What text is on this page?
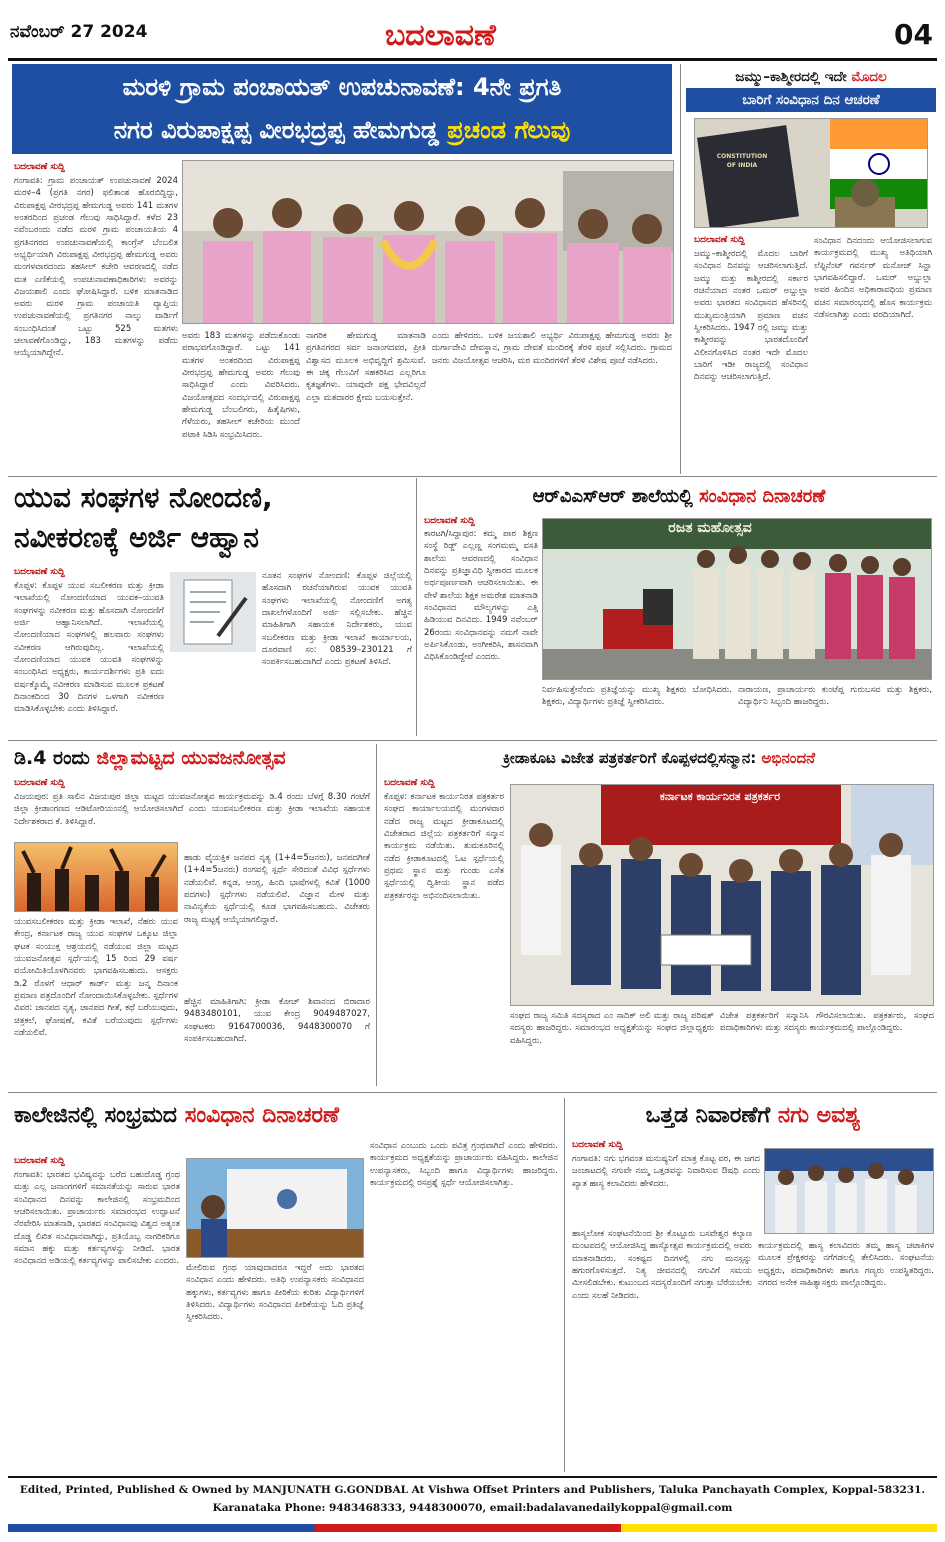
ನವೆಂಬರ್ 27 2024	ಬದಲಾವಣೆ	04
ಮರಳಿ ಗ್ರಾಮ ಪಂಚಾಯತ್ ಉಪಚುನಾವಣೆ: 4ನೇ ಪ್ರಗತಿ
ನಗರ ವಿರುಪಾಕ್ಷಪ್ಪ ವೀರಭದ್ರಪ್ಪ ಹೇಮಗುಡ್ಡ ಪ್ರಚಂಡ ಗೆಲುವು
ಬದಲಾವಣೆ ಸುದ್ದಿ
ಗಂಗಾವತಿ: ಗ್ರಾಮ ಪಂಚಾಯತ್ ಉಪಚುನಾವಣೆ 2024 ಮರಳಿ–4 (ಪ್ರಗತಿ ನಗರ) ಫಲಿತಾಂಶ ಹೊರಬಿದ್ದಿದ್ದು, ವಿರುಪಾಕ್ಷಪ್ಪ ವೀರಭದ್ರಪ್ಪ ಹೇಮಗುಡ್ಡ ಅವರು 141 ಮತಗಳ ಅಂತರದಿಂದ ಪ್ರಚಂಡ ಗೆಲುವು ಸಾಧಿಸಿದ್ದಾರೆ. ಕಳೆದ 23 ನವೆಂಬರಂದು ನಡೆದ ಮರಳಿ ಗ್ರಾಮ ಪಂಚಾಯತಿಯ 4 ಪ್ರಗತಿನಗರದ ಉಪಚುನಾವಣೆಯಲ್ಲಿ ಕಾಂಗ್ರೆಸ್ ಬೆಂಬಲಿತ ಅಭ್ಯರ್ಥಿಯಾಗಿ ವಿರುಪಾಕ್ಷಪ್ಪ ವೀರಭದ್ರಪ್ಪ ಹೇಮಗುಡ್ಡ ಅವರು ಮಂಗಳವಾರದಂದು ತಹಸೀಲ್ ಕಚೇರಿ ಆವರಣದಲ್ಲಿ ನಡೆದ ಮತ ಎಣಿಕೆಯಲ್ಲಿ ಉಪಚುನಾವಣಾಧಿಕಾರಿಗಳು ಅವರನ್ನು ವಿಜಯಶಾಲಿ ಎಂದು ಘೋಷಿಸಿದ್ದಾರೆ. ಬಳಿಕ ಮಾತನಾಡಿದ ಅವರು ಮರಳಿ ಗ್ರಾಮ ಪಂಚಾಯತಿ ವ್ಯಾಪ್ತಿಯ ಉಪಚುನಾವಣೆಯಲ್ಲಿ ಪ್ರಗತಿನಗರ ನಾಲ್ಕು ವಾರ್ಡಿಗೆ ಸಂಬಂಧಿಸಿದಂತೆ ಒಟ್ಟು 525 ಮತಗಳು ಚಲಾವಣೆಗೊಂಡಿದ್ದು, 183 ಮತಗಳನ್ನು ಪಡೆದು ಆಯ್ಕೆಯಾಗಿದ್ದೇನೆ.
ಅವರು 183 ಮತಗಳನ್ನು ಪಡೆದುಕೊಂಡು ಪರಾಭವಗೊಂಡಿದ್ದಾರೆ. ಒಟ್ಟು 141 ಮತಗಳ ಅಂತರದಿಂದ ವಿರುಪಾಕ್ಷಪ್ಪ ವೀರಭದ್ರಪ್ಪ ಹೇಮಗುಡ್ಡ ಅವರು ಗೆಲುವು ಸಾಧಿಸಿದ್ದಾರೆ ಎಂದು ವಿವರಿಸಿದರು. ವಿಜಯೋತ್ಸವದ ಸಂದರ್ಭದಲ್ಲಿ ವಿರುಪಾಕ್ಷಪ್ಪ ಹೇಮಗುಡ್ಡ ಬೆಂಬಲಿಗರು, ಹಿತೈಷಿಗಳು, ಗೆಳೆಯರು, ತಹಸೀಲ್ ಕಚೇರಿಯ ಮುಂದೆ ಪಟಾಕಿ ಸಿಡಿಸಿ ಸಂಭ್ರಮಿಸಿದರು.
ನಾಗರಿಕ ಹೇಮಗುಡ್ಡ ಮಾತನಾಡಿ ಪ್ರಗತಿನಗರದ ಸರ್ವ ಜನಾಂಗದವರ, ಪ್ರೀತಿ ವಿಶ್ವಾಸದ ಮೂಲಕ ಅಭಿವೃದ್ಧಿಗೆ ಶ್ರಮಿಸುವೆ. ಈ ಚಿಕ್ಕ ಗೆಲುವಿಗೆ ಸಹಕರಿಸಿದ ಎಲ್ಲರಿಗೂ ಕೃತಜ್ಞತೆಗಳು. ಯಾವುದೇ ಪಕ್ಷ ಭೇದವಿಲ್ಲದೆ ಎಲ್ಲಾ ಮತದಾರರ ಕ್ಷೇಮ ಬಯಸುತ್ತೇನೆ.
ಎಂದು ಹೇಳಿದರು. ಬಳಿಕ ಜಯಶಾಲಿ ಅಭ್ಯರ್ಥಿ ವಿರುಪಾಕ್ಷಪ್ಪ ಹೇಮಗುಡ್ಡ ಅವರು ಶ್ರೀ ದುರ್ಗಾದೇವಿ ದೇವಸ್ಥಾನ, ಗ್ರಾಮ ದೇವತೆ ಮಂದಿರಕ್ಕೆ ತೆರಳಿ ಪೂಜೆ ಸಲ್ಲಿಸಿದರು. ಗ್ರಾಮದ ಜನರು ವಿಜಯೋತ್ಸವ ಆಚರಿಸಿ, ಮಠ ಮಂದಿರಗಳಿಗೆ ತೆರಳಿ ವಿಶೇಷ ಪೂಜೆ ನಡೆಸಿದರು.
ಜಮ್ಮು–ಕಾಶ್ಮೀರದಲ್ಲಿ ಇದೇ ಮೊದಲ
ಬಾರಿಗೆ ಸಂವಿಧಾನ ದಿನ ಆಚರಣೆ
CONSTITUTION OF INDIA
ಬದಲಾವಣೆ ಸುದ್ದಿ
ಜಮ್ಮು–ಕಾಶ್ಮೀರದಲ್ಲಿ ಮೊದಲ ಬಾರಿಗೆ ಸಂವಿಧಾನ ದಿನವನ್ನು ಆಚರಿಸಲಾಗುತ್ತಿದೆ. ಜಮ್ಮು ಮತ್ತು ಕಾಶ್ಮೀರದಲ್ಲಿ ಸರ್ಕಾರ ರಚನೆಯಾದ ನಂತರ ಒಮರ್ ಅಬ್ದುಲ್ಲಾ ಅವರು ಭಾರತದ ಸಂವಿಧಾನದ ಹೆಸರಿನಲ್ಲಿ ಮುಖ್ಯಮಂತ್ರಿಯಾಗಿ ಪ್ರಮಾಣ ವಚನ ಸ್ವೀಕರಿಸಿದರು. 1947 ರಲ್ಲಿ ಜಮ್ಮು ಮತ್ತು ಕಾಶ್ಮೀರವನ್ನು ಭಾರತದೊಂದಿಗೆ ವಿಲೀನಗೊಳಿಸಿದ ನಂತರ ಇದೇ ಮೊದಲ ಬಾರಿಗೆ ಇಡೀ ರಾಜ್ಯದಲ್ಲಿ ಸಂವಿಧಾನ ದಿನವನ್ನು ಆಚರಿಸಲಾಗುತ್ತಿದೆ.
ಸಂವಿಧಾನ ದಿನದಂದು ಆಯೋಜಿಸಲಾಗುವ ಕಾರ್ಯಕ್ರಮದಲ್ಲಿ ಮುಖ್ಯ ಅತಿಥಿಯಾಗಿ ಲೆಫ್ಟಿನೆಂಟ್ ಗವರ್ನರ್ ಮನೋಜ್ ಸಿನ್ಹಾ ಭಾಗವಹಿಸಲಿದ್ದಾರೆ. ಒಮರ್ ಅಬ್ದುಲ್ಲಾ ಅವರ ಹಿಂದಿನ ಅಧಿಕಾರಾವಧಿಯ ಪ್ರಮಾಣ ವಚನ ಸಮಾರಂಭದಲ್ಲಿ ಹೊಸ ಕಾರ್ಯಕ್ರಮ ನಡೆಸಲಾಗಿತ್ತು ಎಂದು ವರದಿಯಾಗಿದೆ.
ಯುವ ಸಂಘಗಳ ನೋಂದಣಿ,
ನವೀಕರಣಕ್ಕೆ ಅರ್ಜಿ ಆಹ್ವಾನ
ಬದಲಾವಣೆ ಸುದ್ದಿ
ಕೊಪ್ಪಳ: ಕೊಪ್ಪಳ ಯುವ ಸಬಲೀಕರಣ ಮತ್ತು ಕ್ರೀಡಾ ಇಲಾಖೆಯಲ್ಲಿ ನೋಂದಣಿಯಾದ ಯುವಕ–ಯುವತಿ ಸಂಘಗಳನ್ನು ನವೀಕರಣ ಮತ್ತು ಹೊಸದಾಗಿ ನೋಂದಣಿಗೆ ಅರ್ಜಿ ಆಹ್ವಾನಿಸಲಾಗಿದೆ. ಇಲಾಖೆಯಲ್ಲಿ ನೋಂದಣಿಯಾದ ಸಂಘಗಳಲ್ಲಿ ಹಲವಾರು ಸಂಘಗಳು ನವೀಕರಣ ಆಗಿರುವುದಿಲ್ಲ. ಇಲಾಖೆಯಲ್ಲಿ ನೋಂದಣಿಯಾದ ಯುವಕ ಯುವತಿ ಸಂಘಗಳನ್ನು ಸಂಬಂಧಿಸಿದ ಅಧ್ಯಕ್ಷರು, ಕಾರ್ಯದರ್ಶಿಗಳು ಪ್ರತಿ ಐದು ವರ್ಷಕ್ಕೊಮ್ಮೆ ನವೀಕರಣ ಮಾಡಿಸುವ ಮೂಲಕ ಪ್ರಕಟಣೆ ದಿನಾಂಕದಿಂದ 30 ದಿನಗಳ ಒಳಗಾಗಿ ನವೀಕರಣ ಮಾಡಿಸಿಕೊಳ್ಳಬೇಕು ಎಂದು ತಿಳಿಸಿದ್ದಾರೆ.
ನೂತನ ಸಂಘಗಳ ನೋಂದಣಿ: ಕೊಪ್ಪಳ ಜಿಲ್ಲೆಯಲ್ಲಿ ಹೊಸದಾಗಿ ರಚನೆಯಾಗಿರುವ ಯುವಕ ಯುವತಿ ಸಂಘಗಳು ಇಲಾಖೆಯಲ್ಲಿ ನೋಂದಣಿಗೆ ಅಗತ್ಯ ದಾಖಲೆಗಳೊಂದಿಗೆ ಅರ್ಜಿ ಸಲ್ಲಿಸಬೇಕು. ಹೆಚ್ಚಿನ ಮಾಹಿತಿಗಾಗಿ ಸಹಾಯಕ ನಿರ್ದೇಶಕರು, ಯುವ ಸಬಲೀಕರಣ ಮತ್ತು ಕ್ರೀಡಾ ಇಲಾಖೆ ಕಾರ್ಯಾಲಯ, ದೂರವಾಣಿ ಸಂ: 08539–230121 ಗೆ ಸಂಪರ್ಕಿಸಬಹುದಾಗಿದೆ ಎಂದು ಪ್ರಕಟಣೆ ತಿಳಿಸಿದೆ.
ಆರ್‌ವಿಎಸ್‌ಆರ್ ಶಾಲೆಯಲ್ಲಿ ಸಂವಿಧಾನ ದಿನಾಚರಣೆ
ಬದಲಾವಣೆ ಸುದ್ದಿ
ಕಾರಟಗಿ/ಸಿದ್ದಾಪುರ: ಕಮ್ಮ ಪಾಠ ಶಿಕ್ಷಣ ಸಂಸ್ಥೆ ರಿಡ್ಜ್ ಎಲ್ಲಣ್ಣ ಸಂಗಮಮ್ಮ ವಸತಿ ಶಾಲೆಯ ಆವರಣದಲ್ಲಿ ಸಂವಿಧಾನ ದಿನವನ್ನು ಪ್ರತಿಜ್ಞಾವಿಧಿ ಸ್ವೀಕಾರದ ಮೂಲಕ ಅರ್ಥಪೂರ್ಣವಾಗಿ ಆಚರಿಸಲಾಯಿತು. ಈ ವೇಳೆ ಶಾಲೆಯ ಶಿಕ್ಷಕ ಅಮರೇಶ ಮಾತನಾಡಿ ಸಂವಿಧಾನದ ಮೌಲ್ಯಗಳನ್ನು ಎತ್ತಿ ಹಿಡಿಯುವ ದಿನವಿದು. 1949 ನವೆಂಬರ್ 26ರಂದು ಸಂವಿಧಾನವನ್ನು ನಮಗೆ ನಾವೇ ಅರ್ಪಿಸಿಕೊಂಡು, ಅಂಗೀಕರಿಸಿ, ಶಾಸನವಾಗಿ ವಿಧಿಸಿಕೊಂಡಿದ್ದೇವೆ ಎಂದರು.
ರಜತ ಮಹೋತ್ಸವ
ನಿರ್ವಹಿಸುತ್ತೇನೆಂದು ಪ್ರತಿಜ್ಞೆಯನ್ನು ಮುಖ್ಯ ಶಿಕ್ಷಕರು ಬೋಧಿಸಿದರು. ಶಿಕ್ಷಕರು, ವಿದ್ಯಾರ್ಥಿಗಳು ಪ್ರತಿಜ್ಞೆ ಸ್ವೀಕರಿಸಿದರು.
ನಾರಾಯಣ, ಪ್ರಾಚಾರ್ಯರು ಕುಂಟೆಪ್ಪ ಗುರುಬಸವ ಮತ್ತು ಶಿಕ್ಷಕರು, ವಿದ್ಯಾರ್ಥಿನಿ ಸಿಬ್ಬಂದಿ ಹಾಜರಿದ್ದರು.
ಡಿ.4 ರಂದು ಜಿಲ್ಲಾಮಟ್ಟದ ಯುವಜನೋತ್ಸವ
ಬದಲಾವಣೆ ಸುದ್ದಿ
ವಿಜಯಪುರ: ಪ್ರತಿ ಸಾಲಿನ ವಿಜಯಪುರ ಜಿಲ್ಲಾ ಮಟ್ಟದ ಯುವಜನೋತ್ಸವ ಕಾರ್ಯಕ್ರಮವನ್ನು ಡಿ.4 ರಂದು ಬೆಳಗ್ಗೆ 8.30 ಗಂಟೆಗೆ ಜಿಲ್ಲಾ ಕ್ರೀಡಾಂಗಣದ ಆಡಿಟೋರಿಯಂನಲ್ಲಿ ಆಯೋಜಿಸಲಾಗಿದೆ ಎಂದು ಯುವಸಬಲೀಕರಣ ಮತ್ತು ಕ್ರೀಡಾ ಇಲಾಖೆಯ ಸಹಾಯಕ ನಿರ್ದೇಶಕರಾದ ಕೆ. ತಿಳಿಸಿದ್ದಾರೆ.
ಯುವಸಬಲೀಕರಣ ಮತ್ತು ಕ್ರೀಡಾ ಇಲಾಖೆ, ನೆಹರು ಯುವ ಕೇಂದ್ರ, ಕರ್ನಾಟಕ ರಾಜ್ಯ ಯುವ ಸಂಘಗಳ ಒಕ್ಕೂಟ ಜಿಲ್ಲಾ ಘಟಕ ಸಂಯುಕ್ತ ಆಶ್ರಯದಲ್ಲಿ ನಡೆಯುವ ಜಿಲ್ಲಾ ಮಟ್ಟದ ಯುವಜನೋತ್ಸವ ಸ್ಪರ್ಧೆಯಲ್ಲಿ 15 ರಿಂದ 29 ವರ್ಷ ವಯೋಮಿತಿಯೊಳಗಿನವರು ಭಾಗವಹಿಸಬಹುದು. ಆಸಕ್ತರು ಡಿ.2 ರೊಳಗೆ ಆಧಾರ್ ಕಾರ್ಡ್ ಮತ್ತು ಜನ್ಮ ದಿನಾಂಕ ಪ್ರಮಾಣ ಪತ್ರದೊಂದಿಗೆ ನೋಂದಾಯಿಸಿಕೊಳ್ಳಬೇಕು. ಸ್ಪರ್ಧೆಗಳ ವಿವರ: ಜಾನಪದ ನೃತ್ಯ, ಜಾನಪದ ಗೀತೆ, ಕಥೆ ಬರೆಯುವುದು, ಚಿತ್ರಕಲೆ, ಘೋಷಣೆ, ಕವಿತೆ ಬರೆಯುವುದು ಸ್ಪರ್ಧೆಗಳು ನಡೆಯಲಿವೆ.
ಹಾಡು ವೈಯಕ್ತಿಕ ಜನಪದ ನೃತ್ಯ (1+4=5ಜನರು), ಜನಪದಗೀತೆ (1+4=5ಜನರು) ರಂಗವಲ್ಲಿ ಸ್ಪರ್ಧೆ ಸೇರಿದಂತೆ ವಿವಿಧ ಸ್ಪರ್ಧೆಗಳು ನಡೆಯಲಿವೆ. ಕನ್ನಡ, ಆಂಗ್ಲ, ಹಿಂದಿ ಭಾಷೆಗಳಲ್ಲಿ ಕವಿತೆ (1000 ಪದಗಳು) ಸ್ಪರ್ಧೆಗಳು ನಡೆಯಲಿವೆ. ವಿಜ್ಞಾನ ಮೇಳ ಮತ್ತು ನಾವಿನ್ಯತೆಯ ಸ್ಪರ್ಧೆಯಲ್ಲಿ ಕೂಡ ಭಾಗವಹಿಸಬಹುದು. ವಿಜೇತರು ರಾಜ್ಯ ಮಟ್ಟಕ್ಕೆ ಆಯ್ಕೆಯಾಗಲಿದ್ದಾರೆ.
ಹೆಚ್ಚಿನ ಮಾಹಿತಿಗಾಗಿ: ಕ್ರೀಡಾ ಕೋಚ್ ಶಿವಾನಂದ ಬಿರಾದಾರ 9483480101, ಯುವ ಕೇಂದ್ರ 9049487027, ಸಂಘಟಕರು 9164700036, 9448300070 ಗೆ ಸಂಪರ್ಕಿಸಬಹುದಾಗಿದೆ.
ಕ್ರೀಡಾಕೂಟ ವಿಜೇತ ಪತ್ರಕರ್ತರಿಗೆ ಕೊಪ್ಪಳದಲ್ಲಿಸನ್ಮಾನ: ಅಭಿನಂದನೆ
ಬದಲಾವಣೆ ಸುದ್ದಿ
ಕೊಪ್ಪಳ: ಕರ್ನಾಟಕ ಕಾರ್ಯನಿರತ ಪತ್ರಕರ್ತರ ಸಂಘದ ಕಾರ್ಯಾಲಯದಲ್ಲಿ ಮಂಗಳವಾರ ನಡೆದ ರಾಜ್ಯ ಮಟ್ಟದ ಕ್ರೀಡಾಕೂಟದಲ್ಲಿ ವಿಜೇತರಾದ ಜಿಲ್ಲೆಯ ಪತ್ರಕರ್ತರಿಗೆ ಸನ್ಮಾನ ಕಾರ್ಯಕ್ರಮ ನಡೆಯಿತು. ತುಮಕೂರಿನಲ್ಲಿ ನಡೆದ ಕ್ರೀಡಾಕೂಟದಲ್ಲಿ ಓಟ ಸ್ಪರ್ಧೆಯಲ್ಲಿ ಪ್ರಥಮ ಸ್ಥಾನ ಮತ್ತು ಗುಂಡು ಎಸೆತ ಸ್ಪರ್ಧೆಯಲ್ಲಿ ದ್ವಿತೀಯ ಸ್ಥಾನ ಪಡೆದ ಪತ್ರಕರ್ತರನ್ನು ಅಭಿನಂದಿಸಲಾಯಿತು.
ಕರ್ನಾಟಕ ಕಾರ್ಯನಿರತ ಪತ್ರಕರ್ತರ
ಸಂಘದ ರಾಜ್ಯ ಸಮಿತಿ ಸದಸ್ಯರಾದ ಎಂ ಸಾದಿಕ್ ಅಲಿ ಮತ್ತು ರಾಜ್ಯ ಪರಿಷತ್ ಸದಸ್ಯರು ಹಾಜರಿದ್ದರು. ಸಮಾರಂಭದ ಅಧ್ಯಕ್ಷತೆಯನ್ನು ಸಂಘದ ಜಿಲ್ಲಾಧ್ಯಕ್ಷರು ವಹಿಸಿದ್ದರು.
ವಿಜೇತ ಪತ್ರಕರ್ತರಿಗೆ ಸನ್ಮಾನಿಸಿ ಗೌರವಿಸಲಾಯಿತು. ಪತ್ರಕರ್ತರು, ಸಂಘದ ಪದಾಧಿಕಾರಿಗಳು ಮತ್ತು ಸದಸ್ಯರು ಕಾರ್ಯಕ್ರಮದಲ್ಲಿ ಪಾಲ್ಗೊಂಡಿದ್ದರು.
ಕಾಲೇಜಿನಲ್ಲಿ ಸಂಭ್ರಮದ ಸಂವಿಧಾನ ದಿನಾಚರಣೆ
ಬದಲಾವಣೆ ಸುದ್ದಿ
ಗಂಗಾವತಿ: ಭಾರತದ ಭವಿಷ್ಯವನ್ನು ಬರೆದ ಬಹುದೊಡ್ಡ ಗ್ರಂಥ ಮತ್ತು ಎಲ್ಲ ಜನಾಂಗಗಳಿಗೆ ಸಮಾನತೆಯನ್ನು ಸಾರುವ ಭಾರತ ಸಂವಿಧಾನದ ದಿನವನ್ನು ಕಾಲೇಜಿನಲ್ಲಿ ಸಂಭ್ರಮದಿಂದ ಆಚರಿಸಲಾಯಿತು. ಪ್ರಾಚಾರ್ಯರು ಸಮಾರಂಭದ ಉದ್ಘಾಟನೆ ನೆರವೇರಿಸಿ ಮಾತನಾಡಿ, ಭಾರತದ ಸಂವಿಧಾನವು ವಿಶ್ವದ ಅತ್ಯಂತ ದೊಡ್ಡ ಲಿಖಿತ ಸಂವಿಧಾನವಾಗಿದ್ದು, ಪ್ರತಿಯೊಬ್ಬ ನಾಗರಿಕರಿಗೂ ಸಮಾನ ಹಕ್ಕು ಮತ್ತು ಕರ್ತವ್ಯಗಳನ್ನು ನೀಡಿದೆ. ಭಾರತ ಸಂವಿಧಾನದ ಅಡಿಯಲ್ಲಿ ಕರ್ತವ್ಯಗಳನ್ನು ಪಾಲಿಸಬೇಕು ಎಂದರು.
ಮೇಲಿರುವ ಗ್ರಂಥ ಯಾವುದಾದರೂ ಇದ್ದರೆ ಅದು ಭಾರತದ ಸಂವಿಧಾನ ಎಂದು ಹೇಳಿದರು. ಅತಿಥಿ ಉಪನ್ಯಾಸಕರು ಸಂವಿಧಾನದ ಹಕ್ಕುಗಳು, ಕರ್ತವ್ಯಗಳು ಹಾಗೂ ಪೀಠಿಕೆಯ ಕುರಿತು ವಿದ್ಯಾರ್ಥಿಗಳಿಗೆ ತಿಳಿಸಿದರು. ವಿದ್ಯಾರ್ಥಿಗಳು ಸಂವಿಧಾನದ ಪೀಠಿಕೆಯನ್ನು ಓದಿ ಪ್ರತಿಜ್ಞೆ ಸ್ವೀಕರಿಸಿದರು.
ಸಂವಿಧಾನ ಎಂಬುದು ಒಂದು ಪವಿತ್ರ ಗ್ರಂಥವಾಗಿದೆ ಎಂದು ಹೇಳಿದರು. ಕಾರ್ಯಕ್ರಮದ ಅಧ್ಯಕ್ಷತೆಯನ್ನು ಪ್ರಾಚಾರ್ಯರು ವಹಿಸಿದ್ದರು. ಕಾಲೇಜಿನ ಉಪನ್ಯಾಸಕರು, ಸಿಬ್ಬಂದಿ ಹಾಗೂ ವಿದ್ಯಾರ್ಥಿಗಳು ಹಾಜರಿದ್ದರು. ಕಾರ್ಯಕ್ರಮದಲ್ಲಿ ರಸಪ್ರಶ್ನೆ ಸ್ಪರ್ಧೆ ಆಯೋಜಿಸಲಾಗಿತ್ತು.
ಒತ್ತಡ ನಿವಾರಣೆಗೆ ನಗು ಅವಶ್ಯ
ಬದಲಾವಣೆ ಸುದ್ದಿ
ಗಂಗಾವತಿ: ನಗು ಭಗವಂತ ಮನುಷ್ಯನಿಗೆ ಮಾತ್ರ ಕೊಟ್ಟ ವರ, ಈ ಜಗದ ಜಂಜಾಟದಲ್ಲಿ ನಗುವೇ ನಮ್ಮ ಒತ್ತಡವನ್ನು ನಿವಾರಿಸುವ ಔಷಧಿ ಎಂದು ಖ್ಯಾತ ಹಾಸ್ಯ ಕಲಾವಿದರು ಹೇಳಿದರು.
ಹಾಸ್ಯಲೋಕ ಸಂಘಟನೆಯಿಂದ ಶ್ರೀ ಕೊಟ್ಟೂರು ಬಸವೇಶ್ವರ ಕಲ್ಯಾಣ ಮಂಟಪದಲ್ಲಿ ಆಯೋಜಿಸಿದ್ದ ಹಾಸ್ಯೋತ್ಸವ ಕಾರ್ಯಕ್ರಮದಲ್ಲಿ ಅವರು ಮಾತನಾಡಿದರು. ಸಂಕಷ್ಟದ ದಿನಗಳಲ್ಲಿ ನಗು ಮನಸ್ಸನ್ನು ಹಗುರಗೊಳಿಸುತ್ತದೆ. ನಿತ್ಯ ಜೀವನದಲ್ಲಿ ನಗುವಿಗೆ ಸಮಯ ಮೀಸಲಿಡಬೇಕು. ಕುಟುಂಬದ ಸದಸ್ಯರೊಂದಿಗೆ ನಗುತ್ತಾ ಬೆರೆಯಬೇಕು ಎಂದು ಸಲಹೆ ನೀಡಿದರು.
ಕಾರ್ಯಕ್ರಮದಲ್ಲಿ ಹಾಸ್ಯ ಕಲಾವಿದರು ತಮ್ಮ ಹಾಸ್ಯ ಚಟಾಕಿಗಳ ಮೂಲಕ ಪ್ರೇಕ್ಷಕರನ್ನು ನಗೆಗಡಲಲ್ಲಿ ತೇಲಿಸಿದರು. ಸಂಘಟನೆಯ ಅಧ್ಯಕ್ಷರು, ಪದಾಧಿಕಾರಿಗಳು ಹಾಗೂ ಗಣ್ಯರು ಉಪಸ್ಥಿತರಿದ್ದರು. ನಗರದ ಅನೇಕ ಸಾಹಿತ್ಯಾಸಕ್ತರು ಪಾಲ್ಗೊಂಡಿದ್ದರು.
Edited, Printed, Published & Owned by MANJUNATH G.GONDBAL At Vishwa Offset Printers and Publishers, Taluka Panchayath Complex, Koppal-583231.
Karanataka Phone: 9483468333, 9448300070, email:badalavanedailykoppal@gmail.com
